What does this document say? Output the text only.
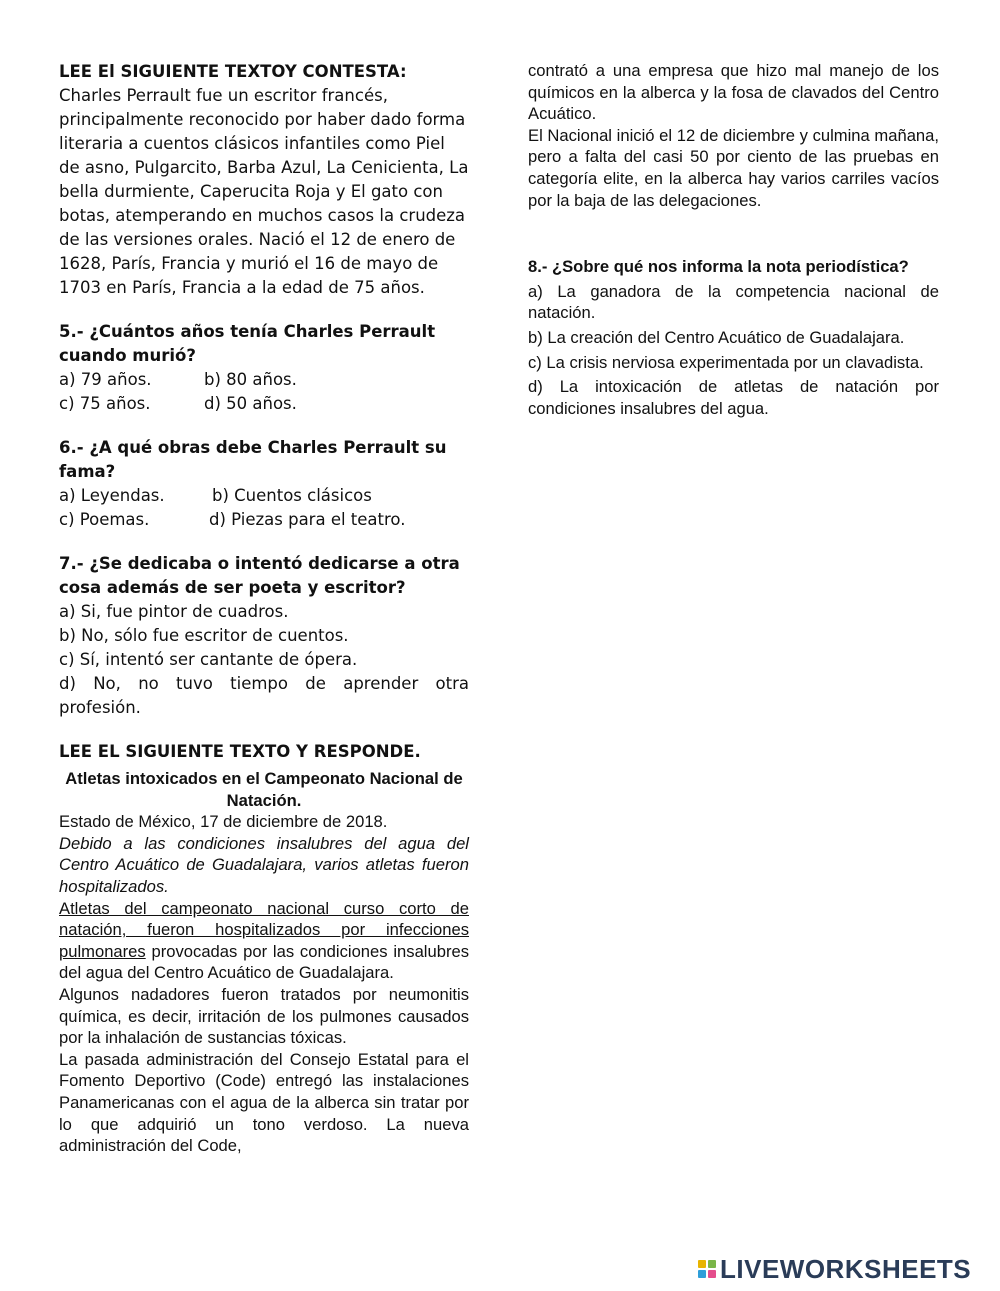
LEE El SIGUIENTE TEXTOY CONTESTA:

Charles Perrault fue un escritor francés, principalmente reconocido por haber dado forma literaria a cuentos clásicos infantiles como Piel de asno, Pulgarcito, Barba Azul, La Cenicienta, La bella durmiente, Caperucita Roja y El gato con botas, atemperando en muchos casos la crudeza de las versiones orales. Nació el 12 de enero de 1628, París, Francia y murió el 16 de mayo de 1703 en París, Francia a la edad de 75 años.

5.- ¿Cuántos años tenía Charles Perrault cuando murió?

a) 79 años.	b) 80 años.
c) 75 años.	d) 50 años.

6.- ¿A qué obras debe Charles Perrault su fama?

a) Leyendas.	b) Cuentos clásicos
c) Poemas.	d) Piezas para el teatro.

7.- ¿Se dedicaba o intentó dedicarse a otra cosa además de ser poeta y escritor?

a) Si, fue pintor de cuadros.

b) No, sólo fue escritor de cuentos.

c) Sí, intentó ser cantante de ópera.

d) No, no tuvo tiempo de aprender otra profesión.

LEE EL SIGUIENTE TEXTO Y RESPONDE.

Atletas intoxicados en el Campeonato Nacional de Natación.

Estado de México, 17 de diciembre de 2018.

Debido a las condiciones insalubres del agua del Centro Acuático de Guadalajara, varios atletas fueron hospitalizados.

Atletas del campeonato nacional curso corto de natación, fueron hospitalizados por infecciones pulmonares provocadas por las condiciones insalubres del agua del Centro Acuático de Guadalajara.

Algunos nadadores fueron tratados por neumonitis química, es decir, irritación de los pulmones causados por la inhalación de sustancias tóxicas.

La pasada administración del Consejo Estatal para el Fomento Deportivo (Code) entregó las instalaciones Panamericanas con el agua de la alberca sin tratar por lo que adquirió un tono verdoso. La nueva administración del Code,

contrató a una empresa que hizo mal manejo de los químicos en la alberca y la fosa de clavados del Centro Acuático.

El Nacional inició el 12 de diciembre y culmina mañana, pero a falta del casi 50 por ciento de las pruebas en categoría elite, en la alberca hay varios carriles vacíos por la baja de las delegaciones.

8.- ¿Sobre qué nos informa la nota periodística?

a) La ganadora de la competencia nacional de natación.

b) La creación del Centro Acuático de Guadalajara.

c) La crisis nerviosa experimentada por un clavadista.

d) La intoxicación de atletas de natación por condiciones insalubres del agua.

LIVEWORKSHEETS
